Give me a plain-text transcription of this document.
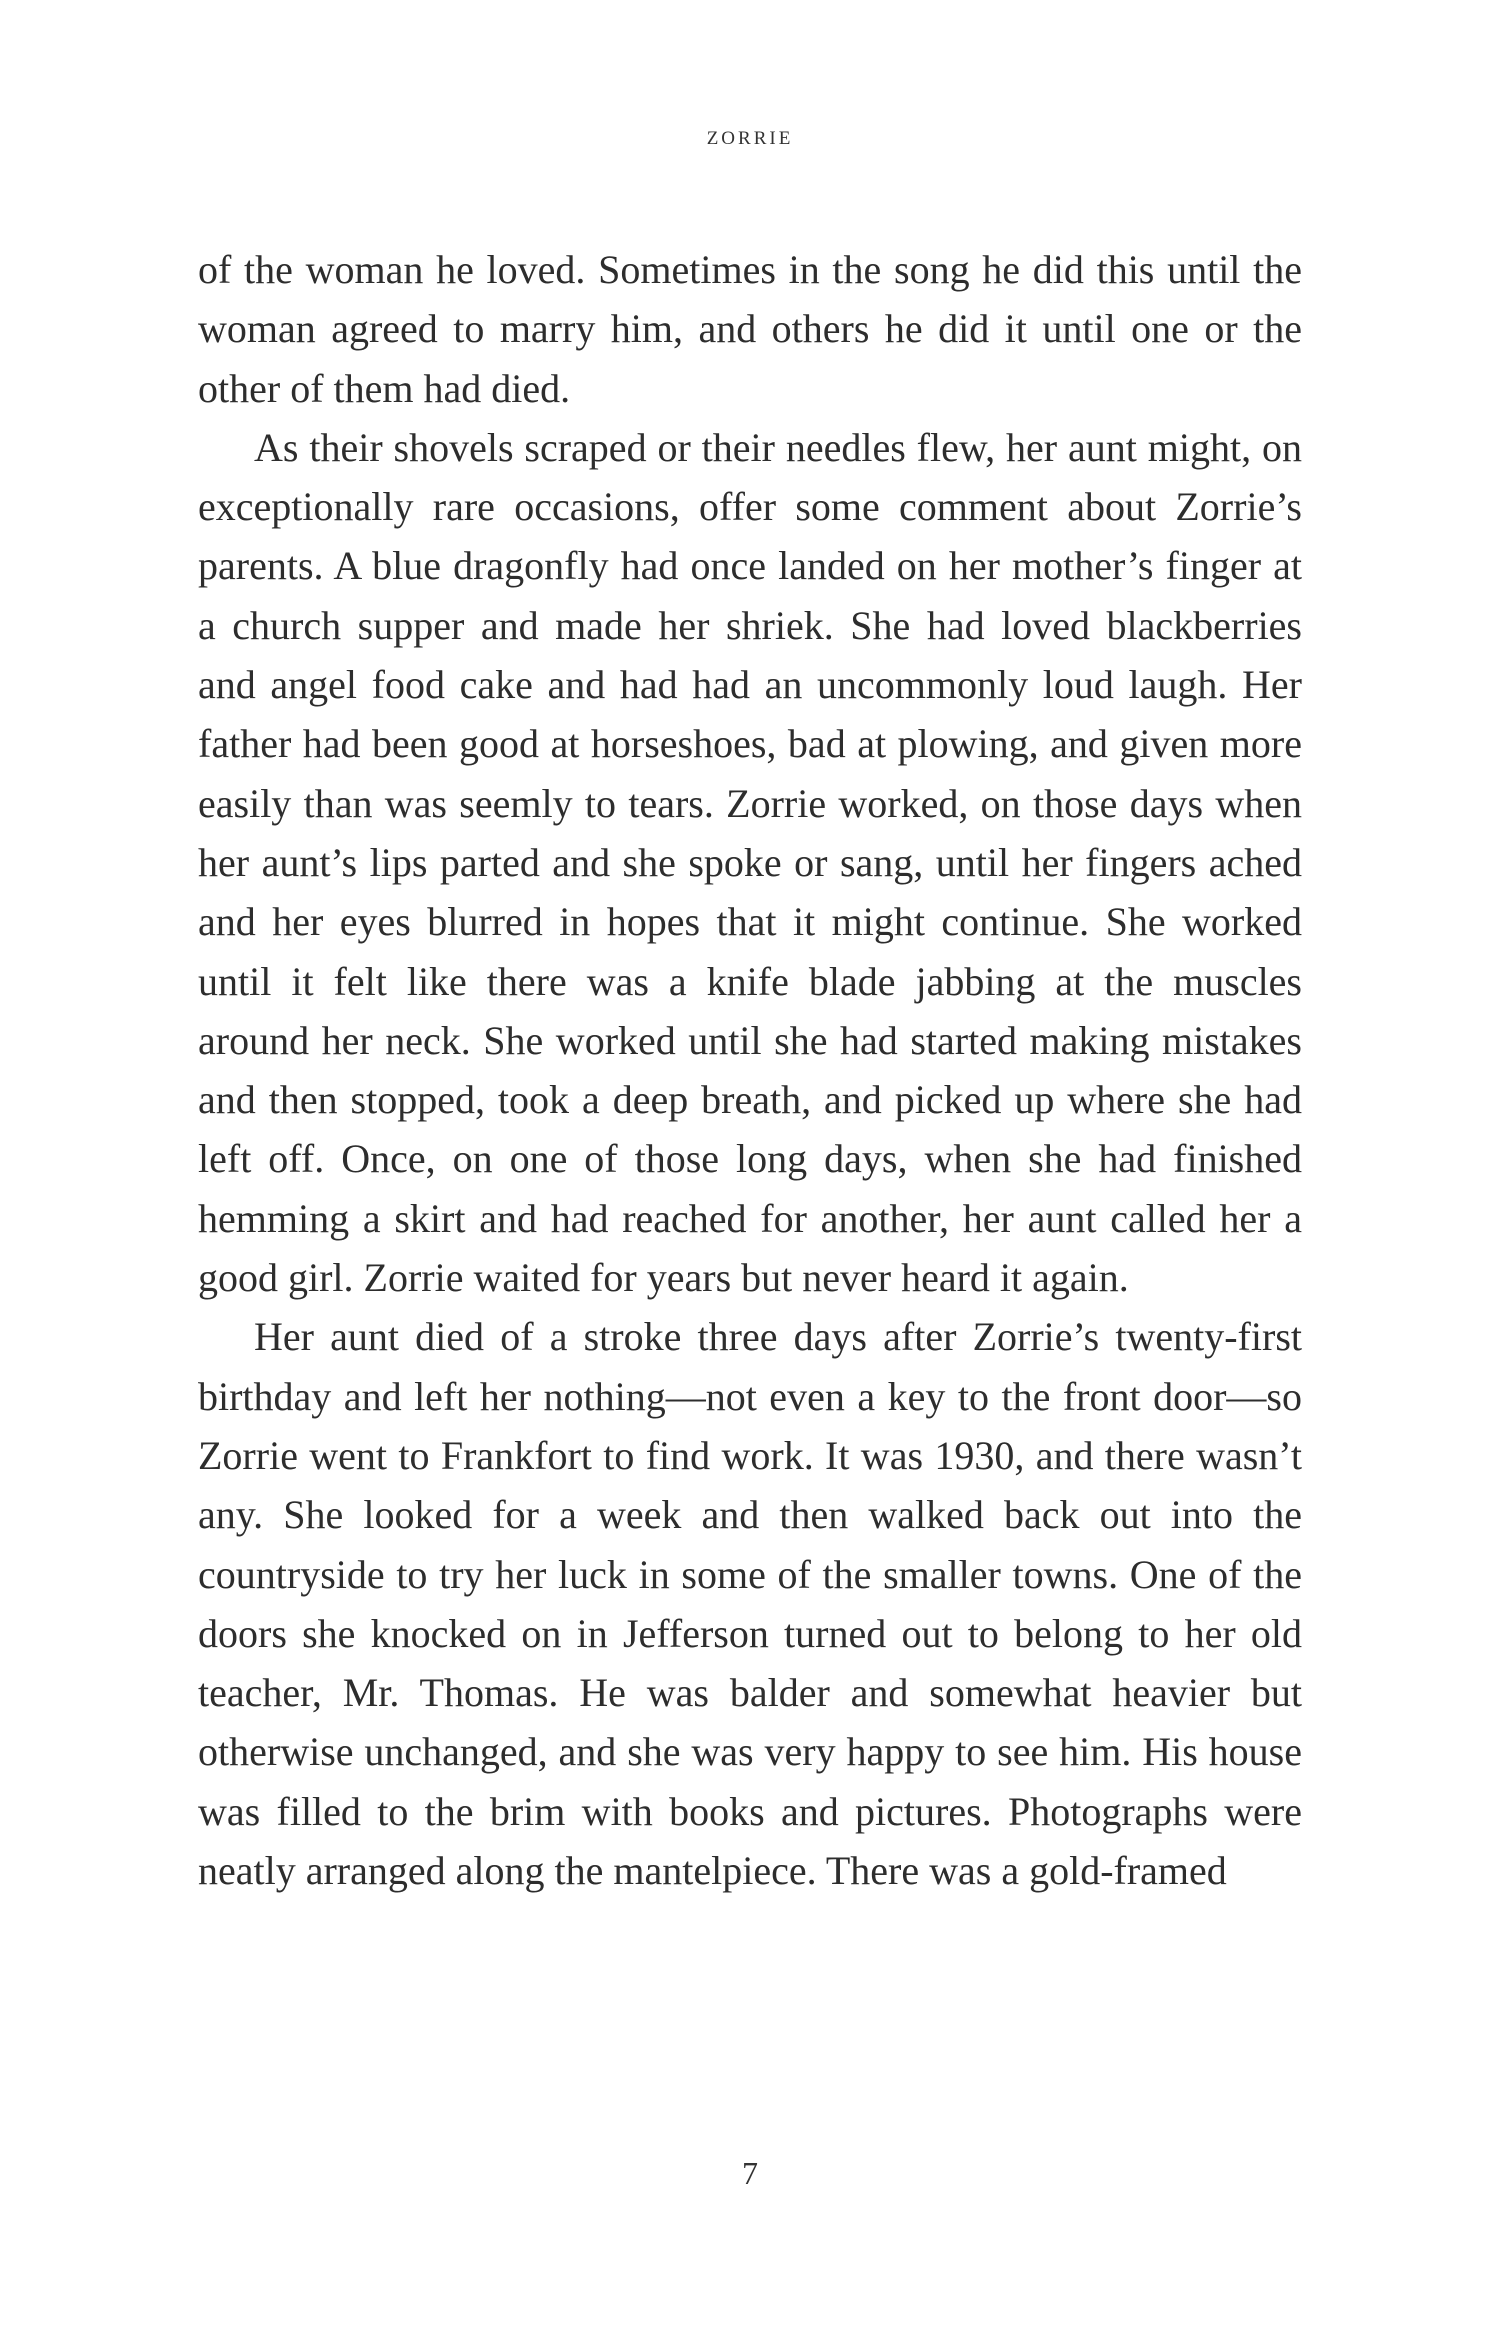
ZORRIE

of the woman he loved. Sometimes in the song he did this until the woman agreed to marry him, and others he did it until one or the other of them had died.

As their shovels scraped or their needles flew, her aunt might, on exceptionally rare occasions, offer some comment about Zorrie’s parents. A blue dragonfly had once landed on her mother’s finger at a church supper and made her shriek. She had loved blackberries and angel food cake and had had an uncommonly loud laugh. Her father had been good at horseshoes, bad at plowing, and given more easily than was seemly to tears. Zorrie worked, on those days when her aunt’s lips parted and she spoke or sang, until her fingers ached and her eyes blurred in hopes that it might continue. She worked until it felt like there was a knife blade jabbing at the muscles around her neck. She worked until she had started making mistakes and then stopped, took a deep breath, and picked up where she had left off. Once, on one of those long days, when she had finished hemming a skirt and had reached for another, her aunt called her a good girl. Zorrie waited for years but never heard it again.

Her aunt died of a stroke three days after Zorrie’s twenty-first birthday and left her nothing—not even a key to the front door—so Zorrie went to Frankfort to find work. It was 1930, and there wasn’t any. She looked for a week and then walked back out into the countryside to try her luck in some of the smaller towns. One of the doors she knocked on in Jefferson turned out to belong to her old teacher, Mr. Thomas. He was balder and somewhat heavier but otherwise unchanged, and she was very happy to see him. His house was filled to the brim with books and pictures. Photographs were neatly arranged along the mantelpiece. There was a gold-framed

7
